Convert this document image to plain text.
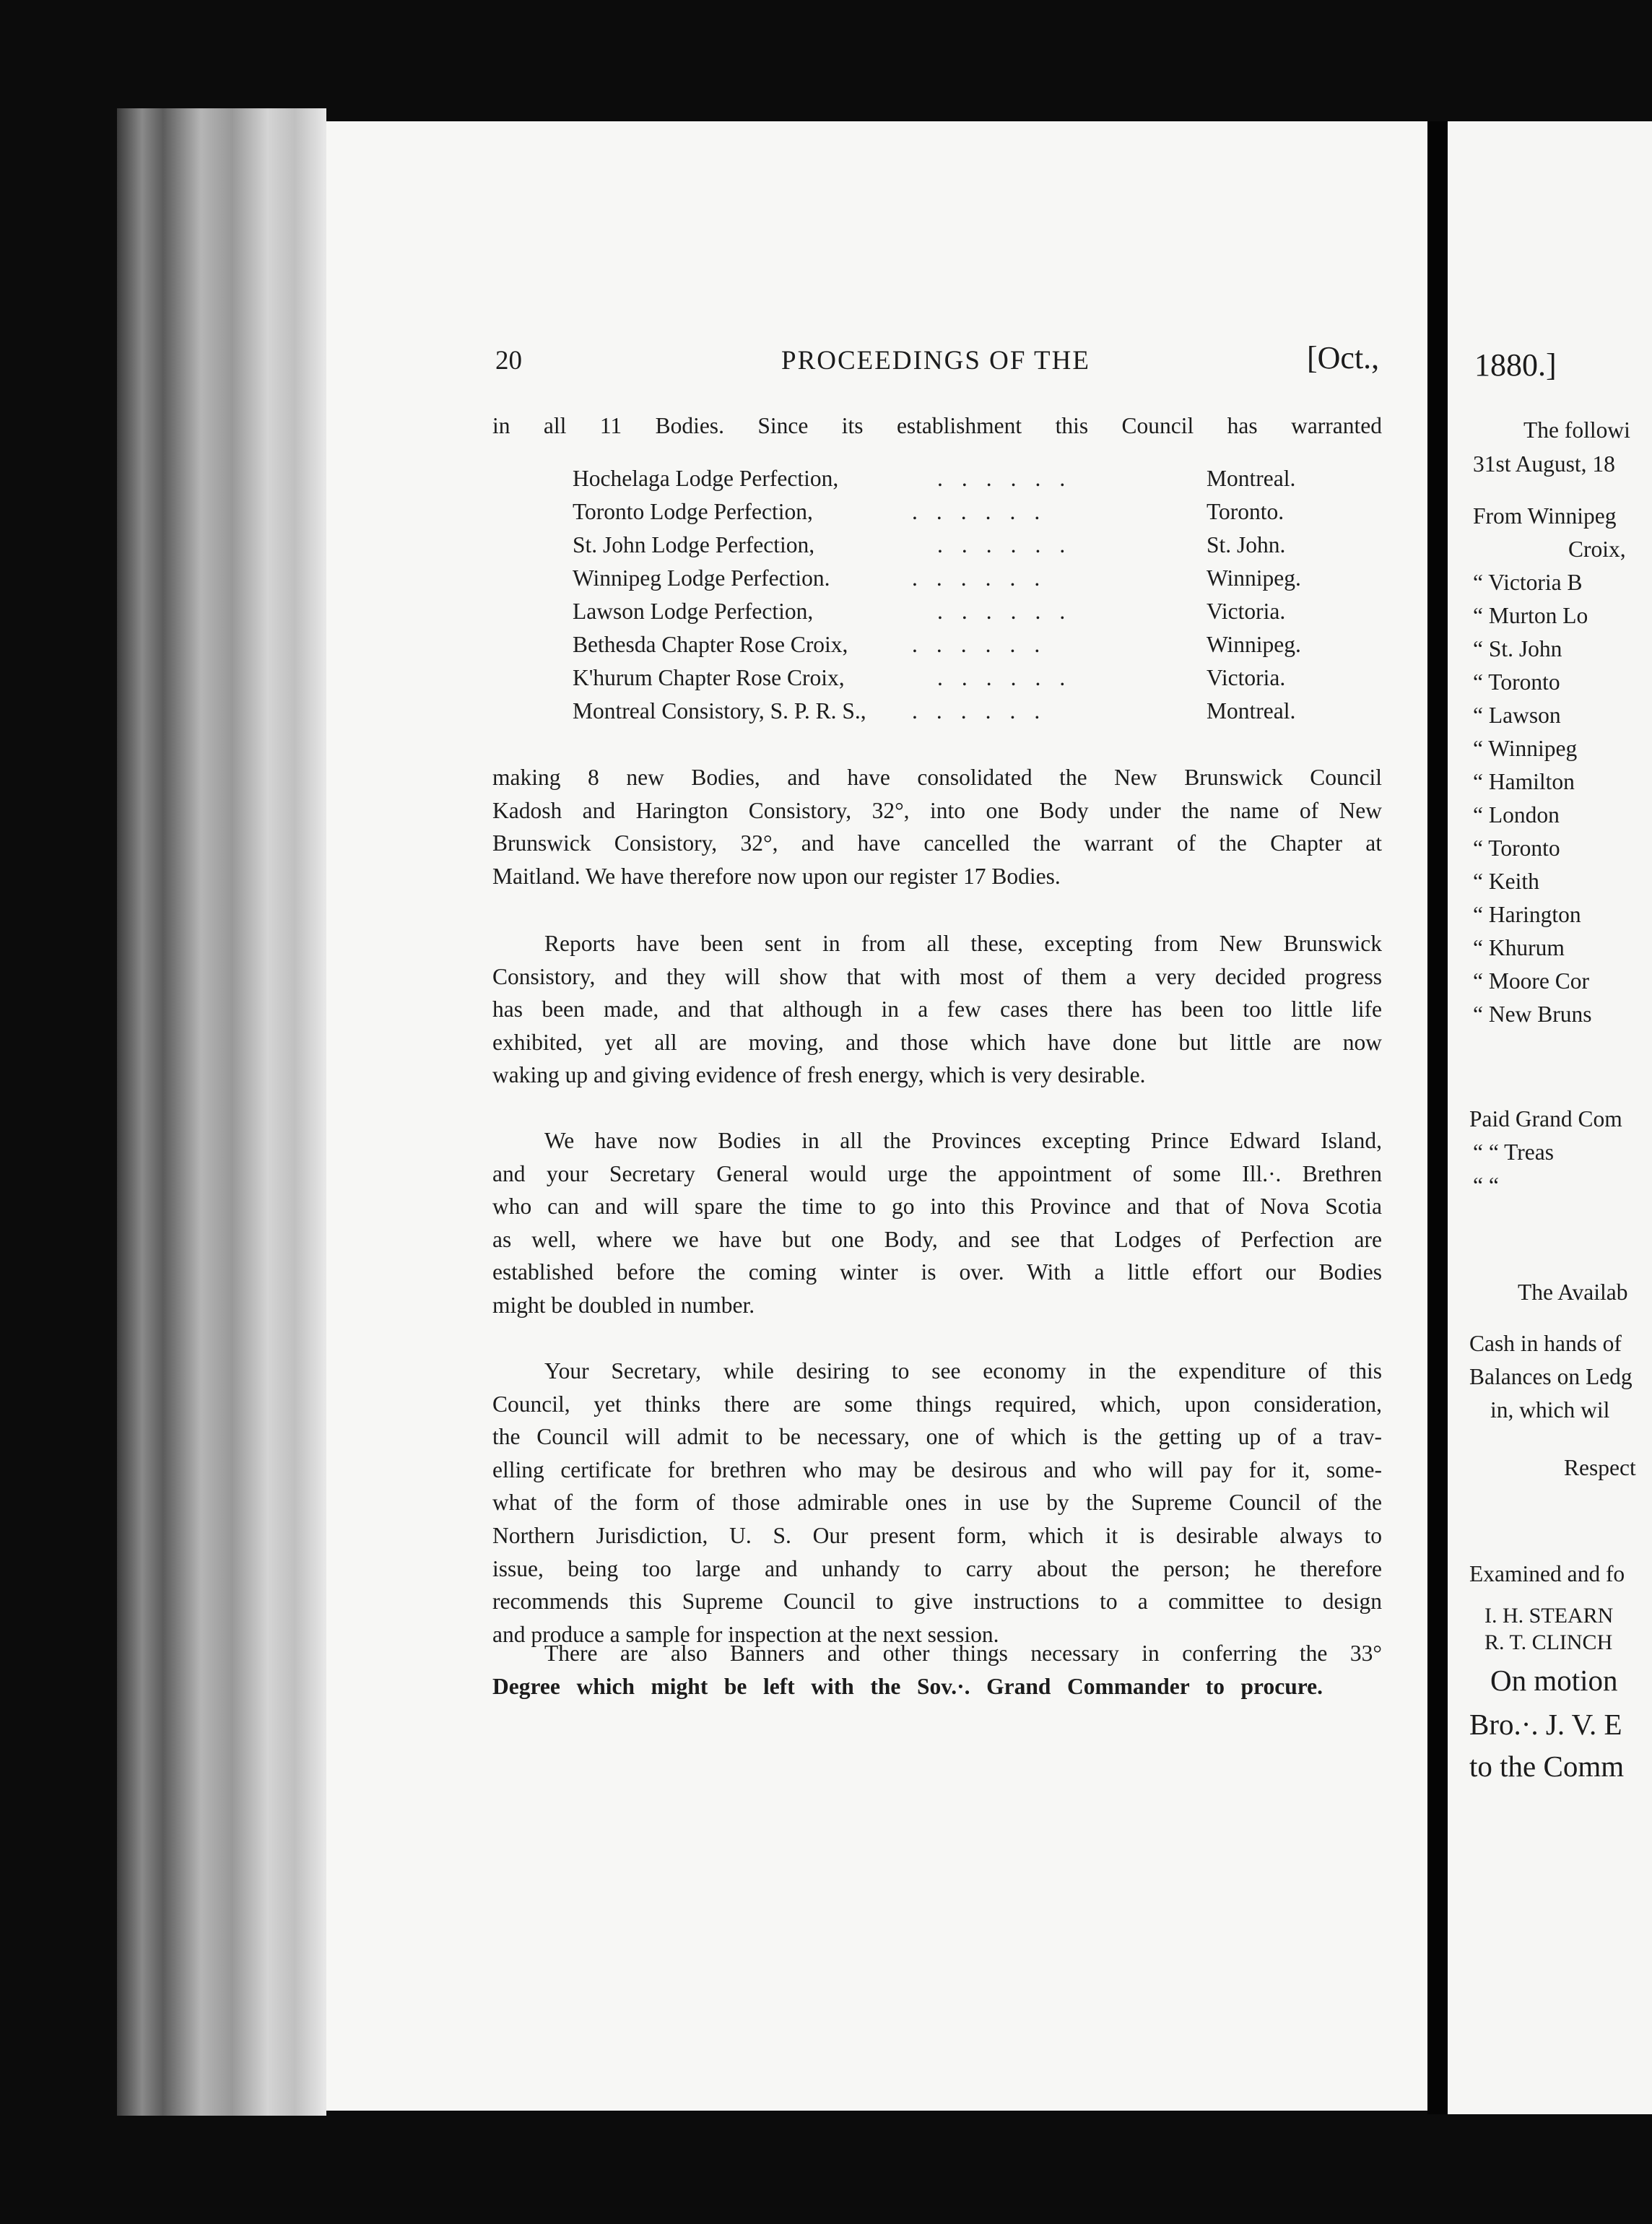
20	PROCEEDINGS OF THE	[Oct.,
in all 11 Bodies. Since its establishment this Council has warranted
Hochelaga Lodge Perfection,	......	Montreal.
Toronto Lodge Perfection,	......	Toronto.
St. John Lodge Perfection,	......	St. John.
Winnipeg Lodge Perfection.	......	Winnipeg.
Lawson Lodge Perfection,	......	Victoria.
Bethesda Chapter Rose Croix,	......	Winnipeg.
K'hurum Chapter Rose Croix,	......	Victoria.
Montreal Consistory, S. P. R. S., ......	Montreal.
making 8 new Bodies, and have consolidated the New Brunswick Council
Kadosh and Harington Consistory, 32°, into one Body under the name of New
Brunswick Consistory, 32°, and have cancelled the warrant of the Chapter at
Maitland. We have therefore now upon our register 17 Bodies.
Reports have been sent in from all these, excepting from New Brunswick
Consistory, and they will show that with most of them a very decided progress
has been made, and that although in a few cases there has been too little life
exhibited, yet all are moving, and those which have done but little are now
waking up and giving evidence of fresh energy, which is very desirable.
We have now Bodies in all the Provinces excepting Prince Edward Island,
and your Secretary General would urge the appointment of some Ill.·. Brethren
who can and will spare the time to go into this Province and that of Nova Scotia
as well, where we have but one Body, and see that Lodges of Perfection are
established before the coming winter is over. With a little effort our Bodies
might be doubled in number.
Your Secretary, while desiring to see economy in the expenditure of this
Council, yet thinks there are some things required, which, upon consideration,
the Council will admit to be necessary, one of which is the getting up of a trav-
elling certificate for brethren who may be desirous and who will pay for it, some-
what of the form of those admirable ones in use by the Supreme Council of the
Northern Jurisdiction, U. S. Our present form, which it is desirable always to
issue, being too large and unhandy to carry about the person; he therefore
recommends this Supreme Council to give instructions to a committee to design
and produce a sample for inspection at the next session.
There are also Banners and other things necessary in conferring the 33°
Degree which might be left with the Sov.·. Grand Commander to procure.
1880.]
The followi
31st August, 18
From Winnipeg
Croix,
“ Victoria B
“ Murton Lo
“ St. John
“ Toronto
“ Lawson
“ Winnipeg
“ Hamilton
“ London
“ Toronto
“ Keith
“ Harington
“ Khurum
“ Moore Cor
“ New Bruns
Paid Grand Com
“ “ Treas
“ “
The Availab
Cash in hands of
Balances on Ledg
in, which wil
Respect
Examined and fo
I. H. STEARN
R. T. CLINCH
On motion
Bro.·. J. V. E
to the Comm
